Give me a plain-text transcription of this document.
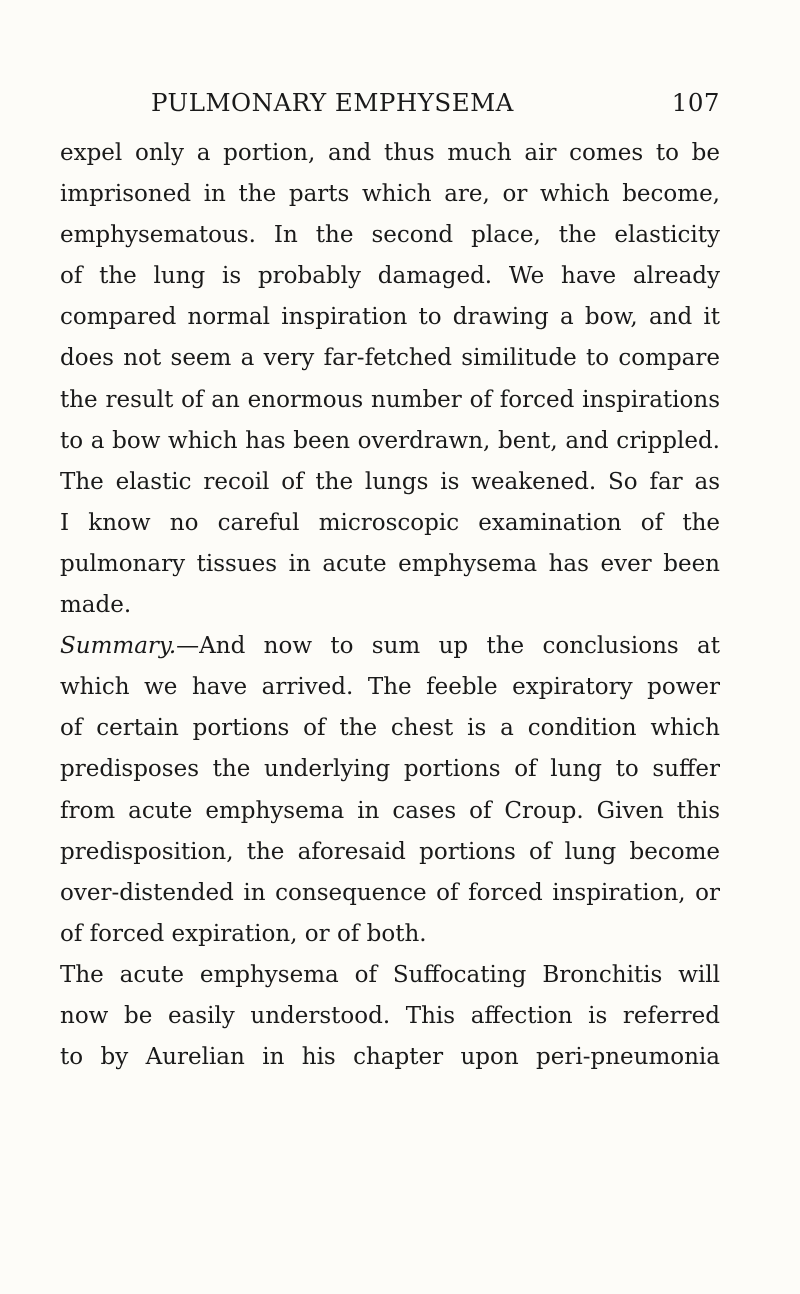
PULMONARY EMPHYSEMA	107
expel only a portion, and thus much air comes to be
imprisoned in the parts which are, or which become,
emphysematous. In the second place, the elasticity
of the lung is probably damaged. We have already
compared normal inspiration to drawing a bow, and it
does not seem a very far-fetched similitude to compare
the result of an enormous number of forced inspirations
to a bow which has been overdrawn, bent, and crippled.
The elastic recoil of the lungs is weakened. So far as
I know no careful microscopic examination of the
pulmonary tissues in acute emphysema has ever been
made.
Summary.—And now to sum up the conclusions at
which we have arrived. The feeble expiratory power
of certain portions of the chest is a condition which
predisposes the underlying portions of lung to suffer
from acute emphysema in cases of Croup. Given this
predisposition, the aforesaid portions of lung become
over-distended in consequence of forced inspiration, or
of forced expiration, or of both.
The acute emphysema of Suffocating Bronchitis will
now be easily understood. This affection is referred
to by Aurelian in his chapter upon peri-pneumonia
